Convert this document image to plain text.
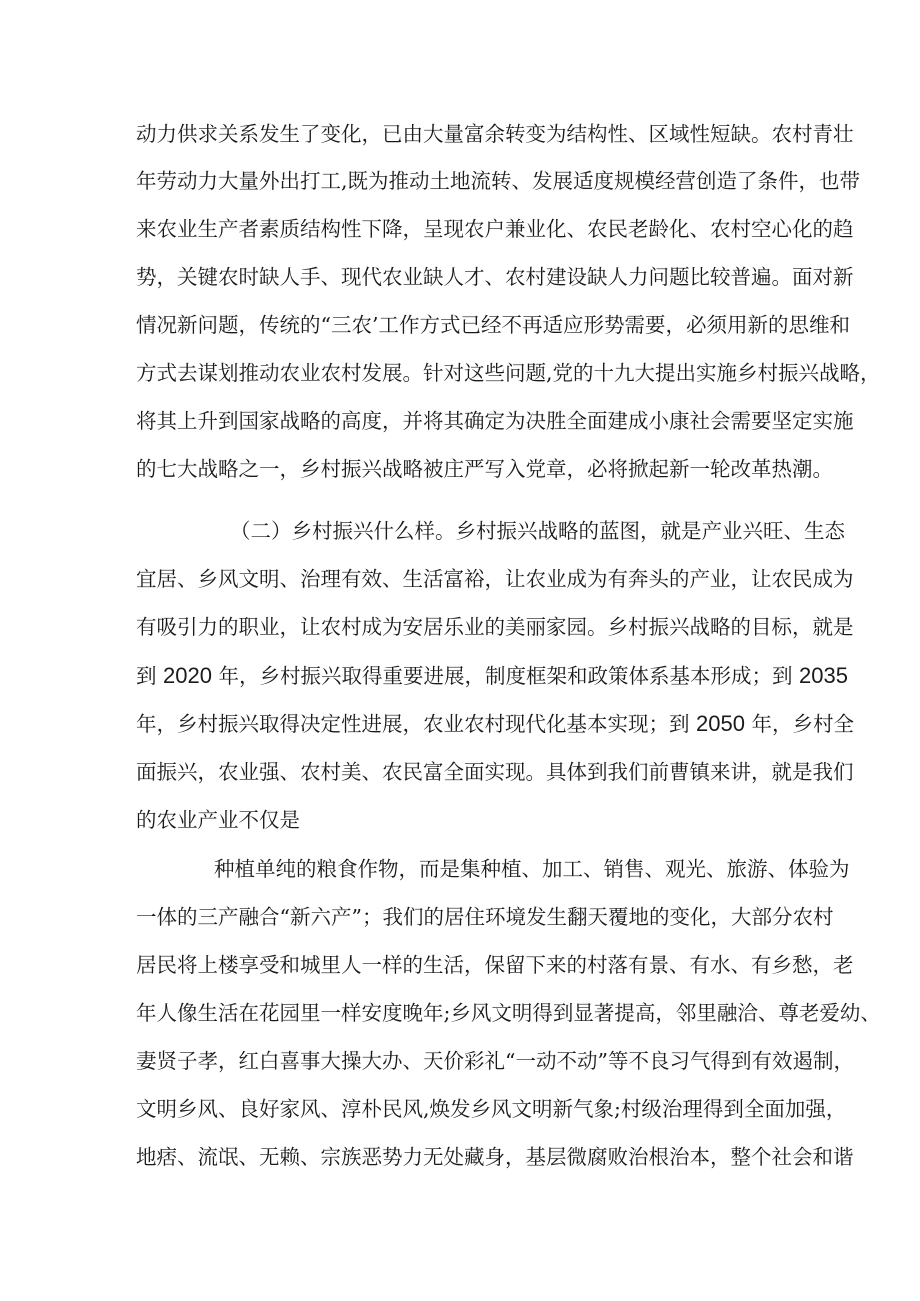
动力供求关系发生了变化，已由大量富余转变为结构性、区域性短缺。农村青壮
年劳动力大量外出打工,既为推动土地流转、发展适度规模经营创造了条件，也带
来农业生产者素质结构性下降，呈现农户兼业化、农民老龄化、农村空心化的趋
势，关键农时缺人手、现代农业缺人才、农村建设缺人力问题比较普遍。面对新
情况新问题，传统的“三农’工作方式已经不再适应形势需要，必须用新的思维和
方式去谋划推动农业农村发展。针对这些问题,党的十九大提出实施乡村振兴战略，
将其上升到国家战略的高度，并将其确定为决胜全面建成小康社会需要坚定实施
的七大战略之一，乡村振兴战略被庄严写入党章，必将掀起新一轮改革热潮。
（二）乡村振兴什么样。乡村振兴战略的蓝图，就是产业兴旺、生态
宜居、乡风文明、治理有效、生活富裕，让农业成为有奔头的产业，让农民成为
有吸引力的职业，让农村成为安居乐业的美丽家园。乡村振兴战略的目标，就是
到 2020 年，乡村振兴取得重要进展，制度框架和政策体系基本形成；到 2035
年，乡村振兴取得决定性进展，农业农村现代化基本实现；到 2050 年，乡村全
面振兴，农业强、农村美、农民富全面实现。具体到我们前曹镇来讲，就是我们
的农业产业不仅是
种植单纯的粮食作物，而是集种植、加工、销售、观光、旅游、体验为
一体的三产融合“新六产”；我们的居住环境发生翻天覆地的变化，大部分农村
居民将上楼享受和城里人一样的生活，保留下来的村落有景、有水、有乡愁，老
年人像生活在花园里一样安度晚年;乡风文明得到显著提高，邻里融洽、尊老爱幼、
妻贤子孝，红白喜事大操大办、天价彩礼“一动不动”等不良习气得到有效遏制，
文明乡风、良好家风、淳朴民风,焕发乡风文明新气象;村级治理得到全面加强，
地痞、流氓、无赖、宗族恶势力无处藏身，基层微腐败治根治本，整个社会和谐
